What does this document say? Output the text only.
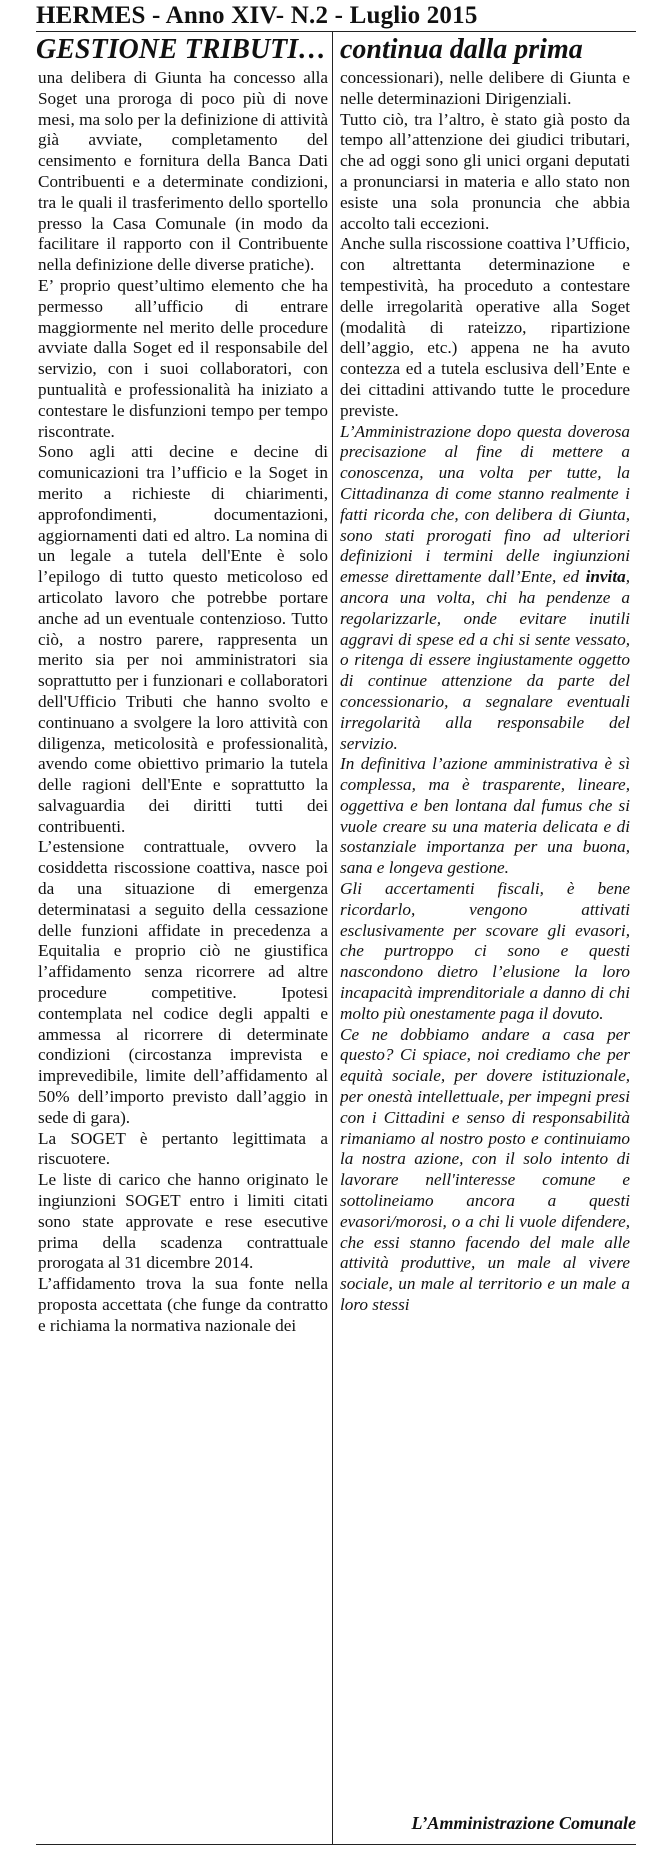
HERMES - Anno XIV- N.2 - Luglio 2015
GESTIONE TRIBUTI… continua dalla prima

una delibera di Giunta ha concesso alla Soget una proroga di poco più di nove mesi, ma solo per la definizione di attività già avviate, completamento del censimento e fornitura della Banca Dati Contribuenti e a determinate condizioni, tra le quali il trasferimento dello sportello presso la Casa Comunale (in modo da facilitare il rapporto con il Contribuente nella definizione delle diverse pratiche).

E’ proprio quest’ultimo elemento che ha permesso all’ufficio di entrare maggiormente nel merito delle procedure avviate dalla Soget ed il responsabile del servizio, con i suoi collaboratori, con puntualità e professionalità ha iniziato a contestare le disfunzioni tempo per tempo riscontrate.

Sono agli atti decine e decine di comunicazioni tra l’ufficio e la Soget in merito a richieste di chiarimenti, approfondimenti, documentazioni, aggiornamenti dati ed altro. La nomina di un legale a tutela dell'Ente è solo l’epilogo di tutto questo meticoloso ed articolato lavoro che potrebbe portare anche ad un eventuale contenzioso. Tutto ciò, a nostro parere, rappresenta un merito sia per noi amministratori sia soprattutto per i funzionari e collaboratori dell'Ufficio Tributi che hanno svolto e continuano a svolgere la loro attività con diligenza, meticolosità e professionalità, avendo come obiettivo primario la tutela delle ragioni dell'Ente e soprattutto la salvaguardia dei diritti tutti dei contribuenti.

L’estensione contrattuale, ovvero la cosiddetta riscossione coattiva, nasce poi da una situazione di emergenza determinatasi a seguito della cessazione delle funzioni affidate in precedenza a Equitalia e proprio ciò ne giustifica l’affidamento senza ricorrere ad altre procedure competitive. Ipotesi contemplata nel codice degli appalti e ammessa al ricorrere di determinate condizioni (circostanza imprevista e imprevedibile, limite dell’affidamento al 50% dell’importo previsto dall’aggio in sede di gara).

La SOGET è pertanto legittimata a riscuotere.

Le liste di carico che hanno originato le ingiunzioni SOGET entro i limiti citati sono state approvate e rese esecutive prima della scadenza contrattuale prorogata al 31 dicembre 2014.

L’affidamento trova la sua fonte nella proposta accettata (che funge da contratto e richiama la normativa nazionale dei

concessionari), nelle delibere di Giunta e nelle determinazioni Dirigenziali.

Tutto ciò, tra l’altro, è stato già posto da tempo all’attenzione dei giudici tributari, che ad oggi sono gli unici organi deputati a pronunciarsi in materia e allo stato non esiste una sola pronuncia che abbia accolto tali eccezioni.

Anche sulla riscossione coattiva l’Ufficio, con altrettanta determinazione e tempestività, ha proceduto a contestare delle irregolarità operative alla Soget (modalità di rateizzo, ripartizione dell’aggio, etc.) appena ne ha avuto contezza ed a tutela esclusiva dell’Ente e dei cittadini attivando tutte le procedure previste.

L’Amministrazione dopo questa doverosa precisazione al fine di mettere a conoscenza, una volta per tutte, la Cittadinanza di come stanno realmente i fatti ricorda che, con delibera di Giunta, sono stati prorogati fino ad ulteriori definizioni i termini delle ingiunzioni emesse direttamente dall’Ente, ed invita, ancora una volta, chi ha pendenze a regolarizzarle, onde evitare inutili aggravi di spese ed a chi si sente vessato, o ritenga di essere ingiustamente oggetto di continue attenzione da parte del concessionario, a segnalare eventuali irregolarità alla responsabile del servizio.

In definitiva l’azione amministrativa è sì complessa, ma è trasparente, lineare, oggettiva e ben lontana dal fumus che si vuole creare su una materia delicata e di sostanziale importanza per una buona, sana e longeva gestione.

Gli accertamenti fiscali, è bene ricordarlo, vengono attivati esclusivamente per scovare gli evasori, che purtroppo ci sono e questi nascondono dietro l’elusione la loro incapacità imprenditoriale a danno di chi molto più onestamente paga il dovuto.

Ce ne dobbiamo andare a casa per questo? Ci spiace, noi crediamo che per equità sociale, per dovere istituzionale, per onestà intellettuale, per impegni presi con i Cittadini e senso di responsabilità rimaniamo al nostro posto e continuiamo la nostra azione, con il solo intento di lavorare nell'interesse comune e sottolineiamo ancora a questi evasori/morosi, o a chi li vuole difendere, che essi stanno facendo del male alle attività produttive, un male al vivere sociale, un male al territorio e un male a loro stessi

L’Amministrazione Comunale
